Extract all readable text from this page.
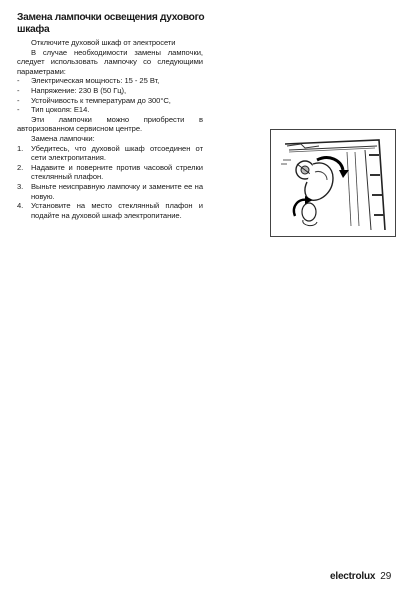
Замена лампочки освещения духового шкафа

Отключите духовой шкаф от электросети

В случае необходимости замены лампочки, следует использовать лампочку со следующими параметрами:

- Электрическая мощность: 15 - 25 Вт,

- Напряжение: 230 В (50 Гц),

- Устойчивость к температурам до 300°C,

- Тип цоколя: E14.

Эти лампочки можно приобрести в авторизованном сервисном центре.

Замена лампочки:

1. Убедитесь, что духовой шкаф отсоединен от сети электропитания.

2. Надавите и поверните против часовой стрелки стеклянный плафон.

3. Выньте неисправную лампочку и замените ее на новую.

4. Установите на место стеклянный плафон и подайте на духовой шкаф электропитание.

electrolux 29
